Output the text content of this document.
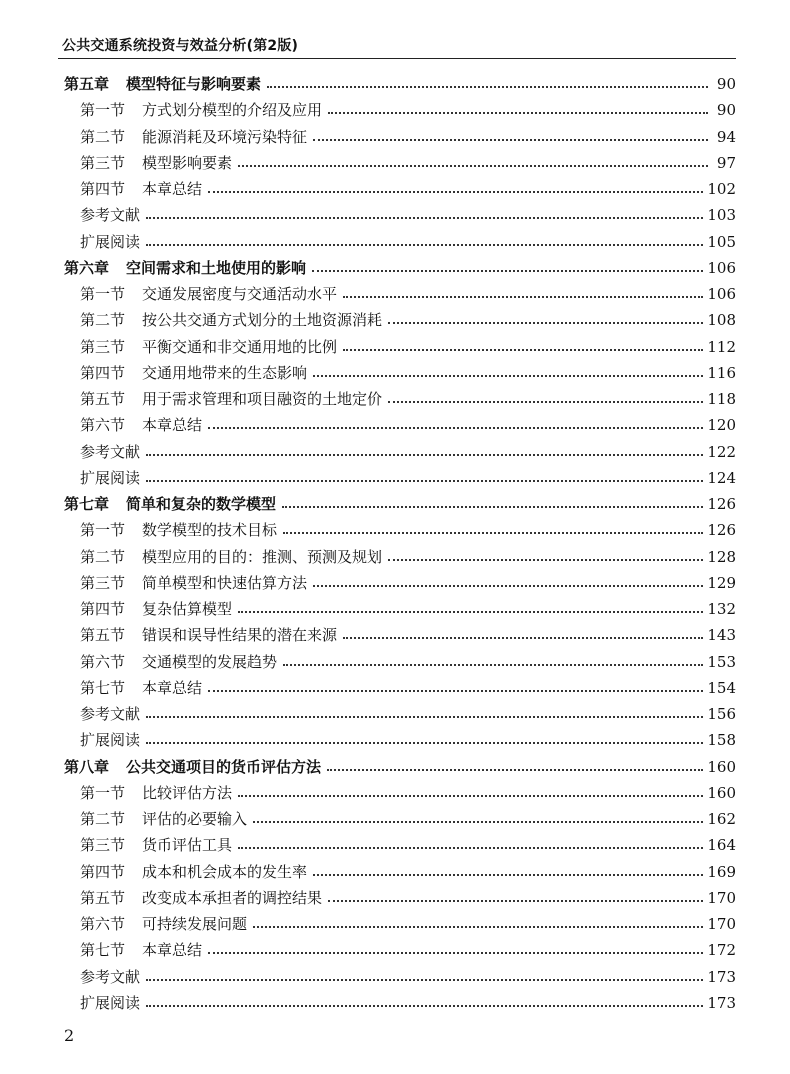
公共交通系统投资与效益分析(第2版)
第五章 模型特征与影响要素	90
第一节 方式划分模型的介绍及应用	90
第二节 能源消耗及环境污染特征	94
第三节 模型影响要素	97
第四节 本章总结	102
参考文献	103
扩展阅读	105
第六章 空间需求和土地使用的影响	106
第一节 交通发展密度与交通活动水平	106
第二节 按公共交通方式划分的土地资源消耗	108
第三节 平衡交通和非交通用地的比例	112
第四节 交通用地带来的生态影响	116
第五节 用于需求管理和项目融资的土地定价	118
第六节 本章总结	120
参考文献	122
扩展阅读	124
第七章 简单和复杂的数学模型	126
第一节 数学模型的技术目标	126
第二节 模型应用的目的：推测、预测及规划	128
第三节 简单模型和快速估算方法	129
第四节 复杂估算模型	132
第五节 错误和误导性结果的潜在来源	143
第六节 交通模型的发展趋势	153
第七节 本章总结	154
参考文献	156
扩展阅读	158
第八章 公共交通项目的货币评估方法	160
第一节 比较评估方法	160
第二节 评估的必要输入	162
第三节 货币评估工具	164
第四节 成本和机会成本的发生率	169
第五节 改变成本承担者的调控结果	170
第六节 可持续发展问题	170
第七节 本章总结	172
参考文献	173
扩展阅读	173
2
